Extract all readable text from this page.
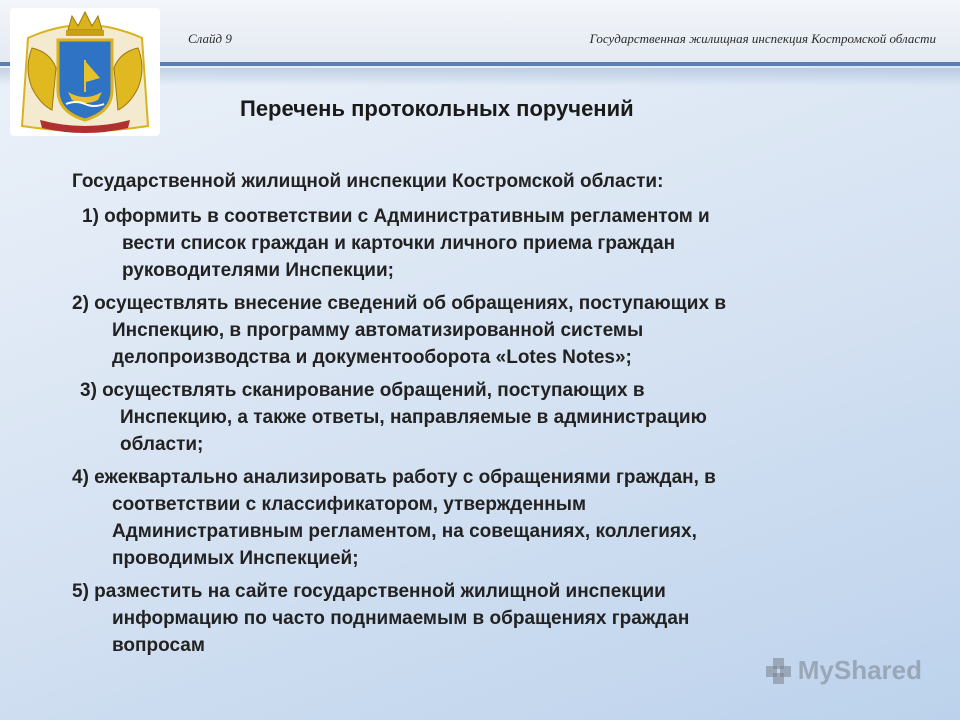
Слайд 9	Государственная жилищная инспекция Костромской области
Перечень протокольных поручений

Государственной жилищной инспекции Костромской области:

1) оформить в соответствии с Административным регламентом и
вести список граждан и карточки личного приема граждан
руководителями Инспекции;

2) осуществлять внесение сведений об обращениях, поступающих в
Инспекцию, в программу автоматизированной системы
делопроизводства и документооборота «Lotes Notes»;

3) осуществлять сканирование обращений, поступающих в
Инспекцию, а также ответы, направляемые в администрацию
области;

4) ежеквартально анализировать работу с обращениями граждан, в
соответствии с классификатором, утвержденным
Административным регламентом, на совещаниях, коллегиях,
проводимых Инспекцией;

5) разместить на сайте государственной жилищной инспекции
информацию по часто поднимаемым в обращениях граждан
вопросам

MyShared
